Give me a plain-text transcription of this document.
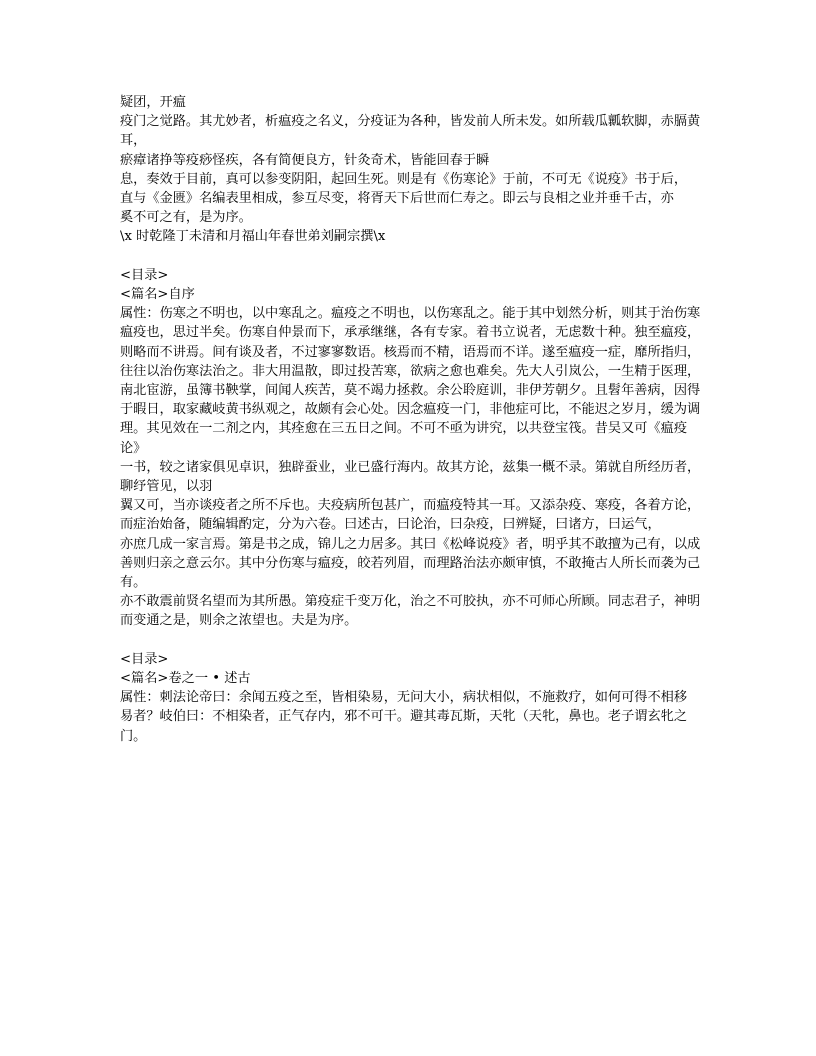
疑团，开瘟
疫门之觉路。其尤妙者，析瘟疫之名义，分疫证为各种，皆发前人所未发。如所载瓜瓤软脚，赤膈黄耳，
瘀瘴诸挣等疫痧怪疾，各有简便良方，针灸奇术，皆能回春于瞬
息，奏效于目前，真可以参变阴阳，起回生死。则是有《伤寒论》于前，不可无《说疫》书于后，
直与《金匮》名编表里相成，参互尽变，将胥天下后世而仁寿之。即云与良相之业并垂千古，亦
奚不可之有，是为序。
\x 时乾隆丁未清和月福山年春世弟刘嗣宗撰\x
<目录>
<篇名>自序
属性：伤寒之不明也，以中寒乱之。瘟疫之不明也，以伤寒乱之。能于其中划然分析，则其于治伤寒
瘟疫也，思过半矣。伤寒自仲景而下，承承继继，各有专家。着书立说者，无虑数十种。独至瘟疫，
则略而不讲焉。间有谈及者，不过寥寥数语。核焉而不精，语焉而不详。遂至瘟疫一症，靡所指归，
往往以治伤寒法治之。非大用温散，即过投苦寒，欲病之愈也难矣。先大人引岚公，一生精于医理，
南北宦游，虽簿书鞅掌，间闻人疾苦，莫不竭力拯救。余公聆庭训，非伊芳朝夕。且髫年善病，因得
于暇日，取家藏岐黄书纵观之，故颇有会心处。因念瘟疫一门，非他症可比，不能迟之岁月，缓为调
理。其见效在一二剂之内，其痊愈在三五日之间。不可不亟为讲究，以共登宝筏。昔吴又可《瘟疫论》
一书，较之诸家俱见卓识，独辟蚕业，业已盛行海内。故其方论，兹集一概不录。第就自所经历者，
聊纾管见，以羽
翼又可，当亦谈疫者之所不斥也。夫疫病所包甚广，而瘟疫特其一耳。又添杂疫、寒疫，各着方论，
而症治始备，随编辑酌定，分为六卷。曰述古，曰论治，曰杂疫，曰辨疑，曰诸方，曰运气，
亦庶几成一家言焉。第是书之成，锦儿之力居多。其曰《松峰说疫》者，明乎其不敢擅为己有，以成
善则归亲之意云尔。其中分伤寒与瘟疫，皎若列眉，而理路治法亦颇审慎，不敢掩古人所长而袭为己有。
亦不敢震前贤名望而为其所愚。第疫症千变万化，治之不可胶执，亦不可师心所顾。同志君子，神明
而变通之是，则余之浓望也。夫是为序。
<目录>
<篇名>卷之一 • 述古
属性：刺法论帝曰：余闻五疫之至，皆相染易，无问大小，病状相似，不施救疗，如何可得不相移
易者？岐伯曰：不相染者，正气存内，邪不可干。避其毒瓦斯，天牝（天牝，鼻也。老子谓玄牝之门。
